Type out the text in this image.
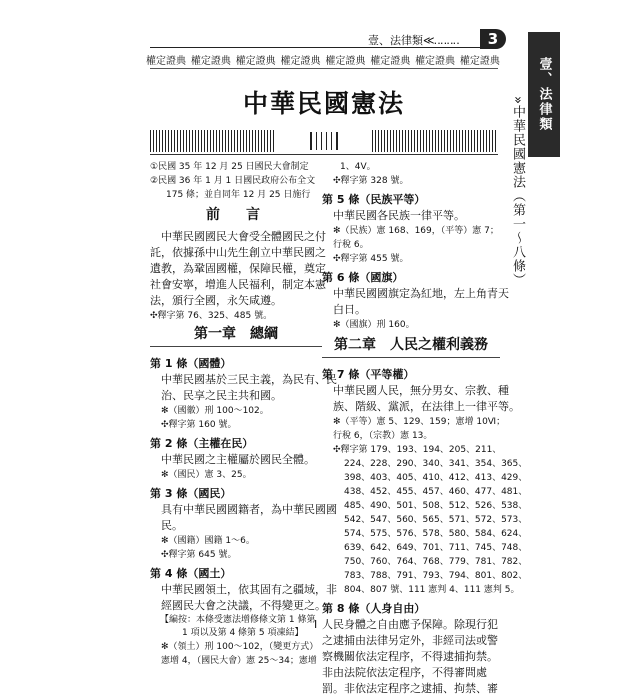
壹、法律類≪‥‥‥‥	3
權定證典 權定證典 權定證典 權定證典 權定證典 權定證典 權定證典 權定證典	壹、法律類
»中華民國憲法（第一～八條）
中華民國憲法
①民國 35 年 12 月 25 日國民大會制定
②民國 36 年 1 月 1 日國民政府公布全文
175 條；並自同年 12 月 25 日施行
前　言
中華民國國民大會受全體國民之付
託，依據孫中山先生創立中華民國之
遺教，為鞏固國權，保障民權，奠定
社會安寧，增進人民福利，制定本憲
法，頒行全國，永矢咸遵。
✣釋字第 76、325、485 號。
第一章　總綱
第 1 條（國體）
中華民國基於三民主義，為民有、民
治、民享之民主共和國。
✻（國徽）刑 100～102。
✣釋字第 160 號。
第 2 條（主權在民）
中華民國之主權屬於國民全體。
✻（國民）憲 3、25。
第 3 條（國民）
具有中華民國國籍者，為中華民國國
民。
✻（國籍）國籍 1～6。
✣釋字第 645 號。
第 4 條（國土）
中華民國領土，依其固有之疆域，非
經國民大會之決議，不得變更之。
【編按：本條受憲法增修條文第 1 條第
1 項以及第 4 條第 5 項凍結】
✻（領土）刑 100～102，（變更方式）
憲增 4，（國民大會）憲 25～34；憲增
1、4V。
✣釋字第 328 號。
第 5 條（民族平等）
中華民國各民族一律平等。
✻（民族）憲 168、169，（平等）憲 7；
行稅 6。
✣釋字第 455 號。
第 6 條（國旗）
中華民國國旗定為紅地，左上角青天
白日。
✻（國旗）刑 160。
第二章　人民之權利義務
第 7 條（平等權）
中華民國人民，無分男女、宗教、種
族、階級、黨派，在法律上一律平等。
✻（平等）憲 5、129、159；憲增 10Ⅵ；
行稅 6，（宗教）憲 13。
✣釋字第 179、193、194、205、211、
224、228、290、340、341、354、365、
398、403、405、410、412、413、429、
438、452、455、457、460、477、481、
485、490、501、508、512、526、538、
542、547、560、565、571、572、573、
574、575、576、578、580、584、624、
639、642、649、701、711、745、748、
750、760、764、768、779、781、782、
783、788、791、793、794、801、802、
804、807 號、111 憲判 4、111 憲判 5。
第 8 條（人身自由）
Ⅰ 人民身體之自由應予保障。除現行犯
之逮捕由法律另定外，非經司法或警
察機關依法定程序，不得逮捕拘禁。
非由法院依法定程序，不得審問處
罰。非依法定程序之逮捕、拘禁、審
